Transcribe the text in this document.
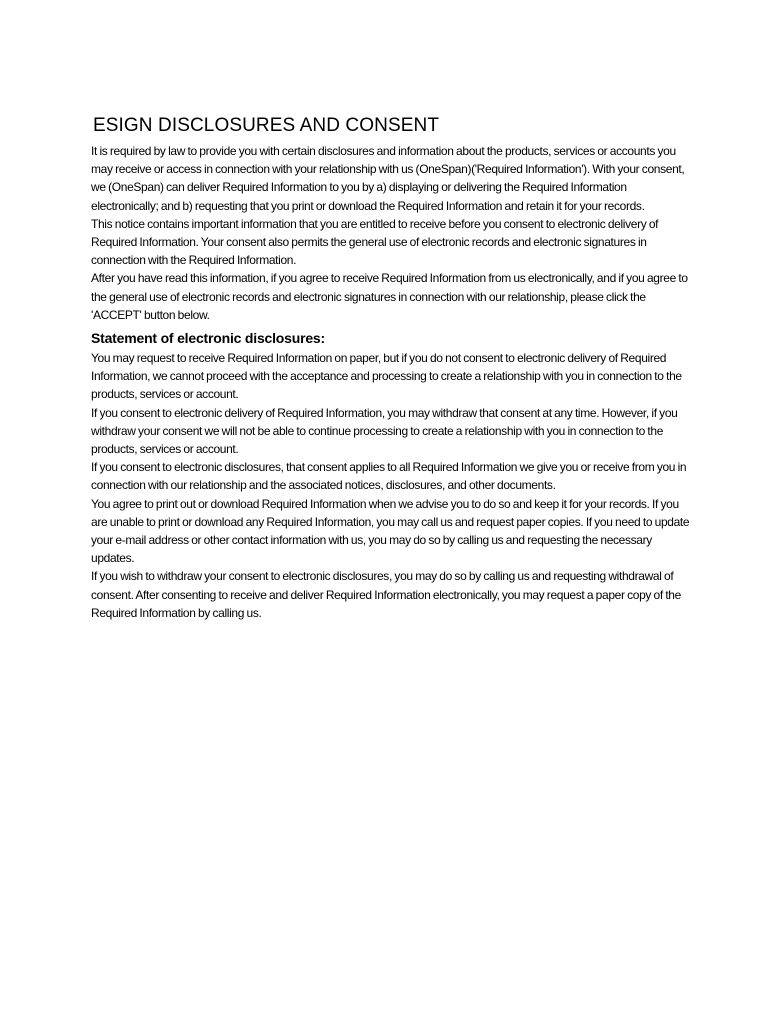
ESIGN DISCLOSURES AND CONSENT

It is required by law to provide you with certain disclosures and information about the products, services or accounts you may receive or access in connection with your relationship with us (OneSpan)('Required Information'). With your consent, we (OneSpan) can deliver Required Information to you by a) displaying or delivering the Required Information electronically; and b) requesting that you print or download the Required Information and retain it for your records.

This notice contains important information that you are entitled to receive before you consent to electronic delivery of Required Information. Your consent also permits the general use of electronic records and electronic signatures in connection with the Required Information.

After you have read this information, if you agree to receive Required Information from us electronically, and if you agree to the general use of electronic records and electronic signatures in connection with our relationship, please click the 'ACCEPT' button below.

Statement of electronic disclosures:

You may request to receive Required Information on paper, but if you do not consent to electronic delivery of Required Information, we cannot proceed with the acceptance and processing to create a relationship with you in connection to the products, services or account.

If you consent to electronic delivery of Required Information, you may withdraw that consent at any time. However, if you withdraw your consent we will not be able to continue processing to create a relationship with you in connection to the products, services or account.

If you consent to electronic disclosures, that consent applies to all Required Information we give you or receive from you in connection with our relationship and the associated notices, disclosures, and other documents.

You agree to print out or download Required Information when we advise you to do so and keep it for your records. If you are unable to print or download any Required Information, you may call us and request paper copies. If you need to update your e-mail address or other contact information with us, you may do so by calling us and requesting the necessary updates.

If you wish to withdraw your consent to electronic disclosures, you may do so by calling us and requesting withdrawal of consent. After consenting to receive and deliver Required Information electronically, you may request a paper copy of the Required Information by calling us.
